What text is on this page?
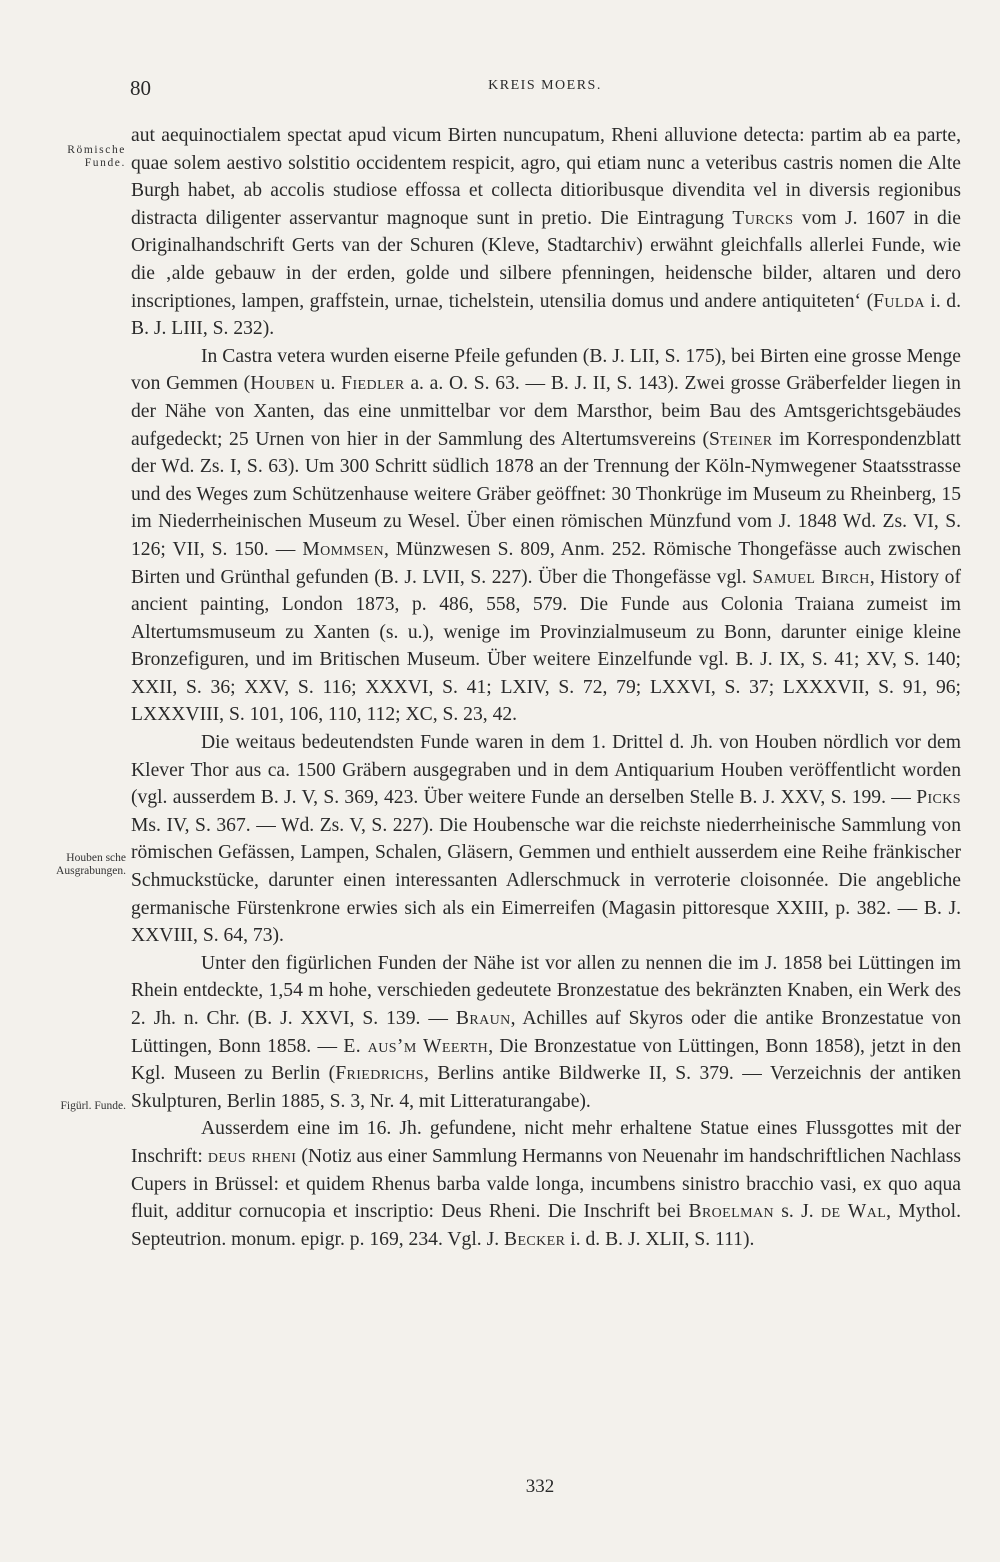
80	KREIS MOERS.
Römische
Funde.
Houben sche
Ausgrabungen.
Figürl. Funde.

aut aequinoctialem spectat apud vicum Birten nuncupatum, Rheni alluvione detecta: partim ab ea parte, quae solem aestivo solstitio occidentem respicit, agro, qui etiam nunc a veteribus castris nomen die Alte Burgh habet, ab accolis studiose effossa et collecta ditioribusque divendita vel in diversis regionibus distracta diligenter asservantur magnoque sunt in pretio. Die Eintragung Turcks vom J. 1607 in die Originalhandschrift Gerts van der Schuren (Kleve, Stadtarchiv) erwähnt gleichfalls allerlei Funde, wie die ‚alde gebauw in der erden, golde und silbere pfenningen, heidensche bilder, altaren und dero inscriptiones, lampen, graffstein, urnae, tichelstein, utensilia domus und andere antiquiteten‘ (Fulda i. d. B. J. LIII, S. 232).

In Castra vetera wurden eiserne Pfeile gefunden (B. J. LII, S. 175), bei Birten eine grosse Menge von Gemmen (Houben u. Fiedler a. a. O. S. 63. — B. J. II, S. 143). Zwei grosse Gräberfelder liegen in der Nähe von Xanten, das eine unmittelbar vor dem Marsthor, beim Bau des Amtsgerichtsgebäudes aufgedeckt; 25 Urnen von hier in der Sammlung des Altertumsvereins (Steiner im Korrespondenzblatt der Wd. Zs. I, S. 63). Um 300 Schritt südlich 1878 an der Trennung der Köln-Nymwegener Staatsstrasse und des Weges zum Schützenhause weitere Gräber geöffnet: 30 Thonkrüge im Museum zu Rheinberg, 15 im Niederrheinischen Museum zu Wesel. Über einen römischen Münzfund vom J. 1848 Wd. Zs. VI, S. 126; VII, S. 150. — Mommsen, Münzwesen S. 809, Anm. 252. Römische Thongefässe auch zwischen Birten und Grünthal gefunden (B. J. LVII, S. 227). Über die Thongefässe vgl. Samuel Birch, History of ancient painting, London 1873, p. 486, 558, 579. Die Funde aus Colonia Traiana zumeist im Altertumsmuseum zu Xanten (s. u.), wenige im Provinzialmuseum zu Bonn, darunter einige kleine Bronzefiguren, und im Britischen Museum. Über weitere Einzelfunde vgl. B. J. IX, S. 41; XV, S. 140; XXII, S. 36; XXV, S. 116; XXXVI, S. 41; LXIV, S. 72, 79; LXXVI, S. 37; LXXXVII, S. 91, 96; LXXXVIII, S. 101, 106, 110, 112; XC, S. 23, 42.

Die weitaus bedeutendsten Funde waren in dem 1. Drittel d. Jh. von Houben nördlich vor dem Klever Thor aus ca. 1500 Gräbern ausgegraben und in dem Antiquarium Houben veröffentlicht worden (vgl. ausserdem B. J. V, S. 369, 423. Über weitere Funde an derselben Stelle B. J. XXV, S. 199. — Picks Ms. IV, S. 367. — Wd. Zs. V, S. 227). Die Houbensche war die reichste niederrheinische Sammlung von römischen Gefässen, Lampen, Schalen, Gläsern, Gemmen und enthielt ausserdem eine Reihe fränkischer Schmuckstücke, darunter einen interessanten Adlerschmuck in verroterie cloisonnée. Die angebliche germanische Fürstenkrone erwies sich als ein Eimerreifen (Magasin pittoresque XXIII, p. 382. — B. J. XXVIII, S. 64, 73).

Unter den figürlichen Funden der Nähe ist vor allen zu nennen die im J. 1858 bei Lüttingen im Rhein entdeckte, 1,54 m hohe, verschieden gedeutete Bronzestatue des bekränzten Knaben, ein Werk des 2. Jh. n. Chr. (B. J. XXVI, S. 139. — Braun, Achilles auf Skyros oder die antike Bronzestatue von Lüttingen, Bonn 1858. — E. aus’m Weerth, Die Bronzestatue von Lüttingen, Bonn 1858), jetzt in den Kgl. Museen zu Berlin (Friedrichs, Berlins antike Bildwerke II, S. 379. — Verzeichnis der antiken Skulpturen, Berlin 1885, S. 3, Nr. 4, mit Litteraturangabe).

Ausserdem eine im 16. Jh. gefundene, nicht mehr erhaltene Statue eines Flussgottes mit der Inschrift: deus rheni (Notiz aus einer Sammlung Hermanns von Neuenahr im handschriftlichen Nachlass Cupers in Brüssel: et quidem Rhenus barba valde longa, incumbens sinistro bracchio vasi, ex quo aqua fluit, additur cornucopia et inscriptio: Deus Rheni. Die Inschrift bei Broelman s. J. de Wal, Mythol. Septeutrion. monum. epigr. p. 169, 234. Vgl. J. Becker i. d. B. J. XLII, S. 111).

332
